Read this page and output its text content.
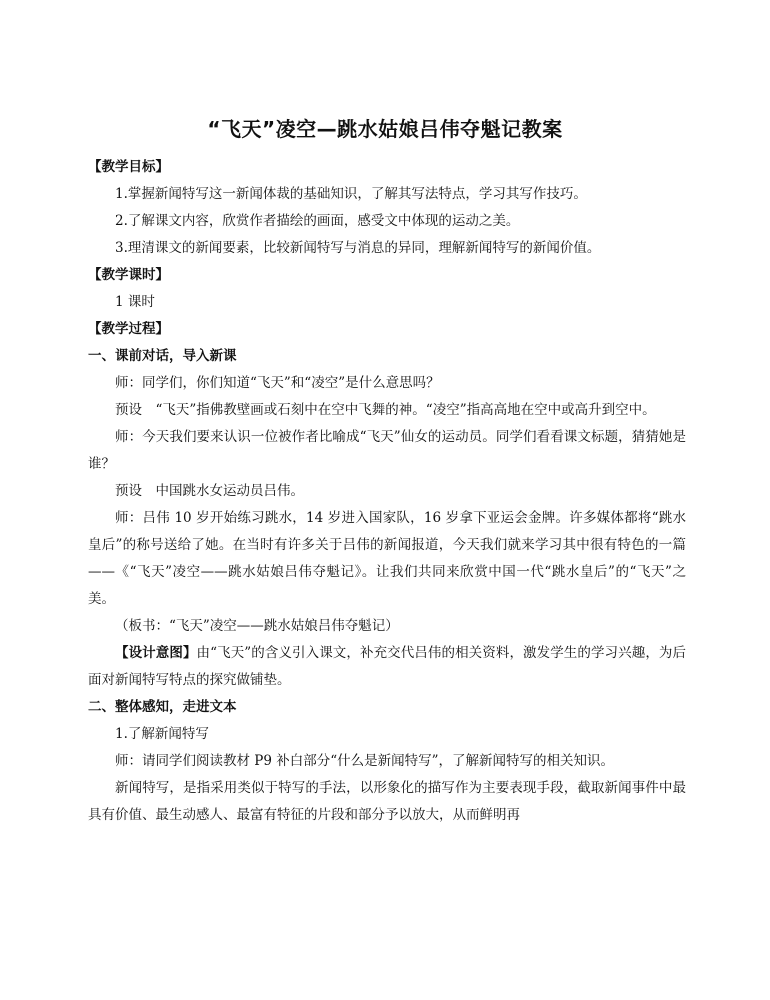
“飞天”凌空—跳水姑娘吕伟夺魁记教案

【教学目标】

1.掌握新闻特写这一新闻体裁的基础知识，了解其写法特点，学习其写作技巧。

2.了解课文内容，欣赏作者描绘的画面，感受文中体现的运动之美。

3.理清课文的新闻要素，比较新闻特写与消息的异同，理解新闻特写的新闻价值。

【教学课时】

1 课时

【教学过程】

一、课前对话，导入新课

师：同学们，你们知道“飞天”和“凌空”是什么意思吗？

预设　“飞天”指佛教壁画或石刻中在空中飞舞的神。“凌空”指高高地在空中或高升到空中。

师：今天我们要来认识一位被作者比喻成“飞天”仙女的运动员。同学们看看课文标题，猜猜她是谁？

预设　中国跳水女运动员吕伟。

师：吕伟 10 岁开始练习跳水，14 岁进入国家队，16 岁拿下亚运会金牌。许多媒体都将“跳水皇后”的称号送给了她。在当时有许多关于吕伟的新闻报道，今天我们就来学习其中很有特色的一篇——《“飞天”凌空——跳水姑娘吕伟夺魁记》。让我们共同来欣赏中国一代“跳水皇后”的“飞天”之美。

（板书：“飞天”凌空——跳水姑娘吕伟夺魁记）

【设计意图】由“飞天”的含义引入课文，补充交代吕伟的相关资料，激发学生的学习兴趣，为后面对新闻特写特点的探究做铺垫。

二、整体感知，走进文本

1.了解新闻特写

师：请同学们阅读教材 P9 补白部分“什么是新闻特写”，了解新闻特写的相关知识。

新闻特写，是指采用类似于特写的手法，以形象化的描写作为主要表现手段，截取新闻事件中最具有价值、最生动感人、最富有特征的片段和部分予以放大，从而鲜明再
